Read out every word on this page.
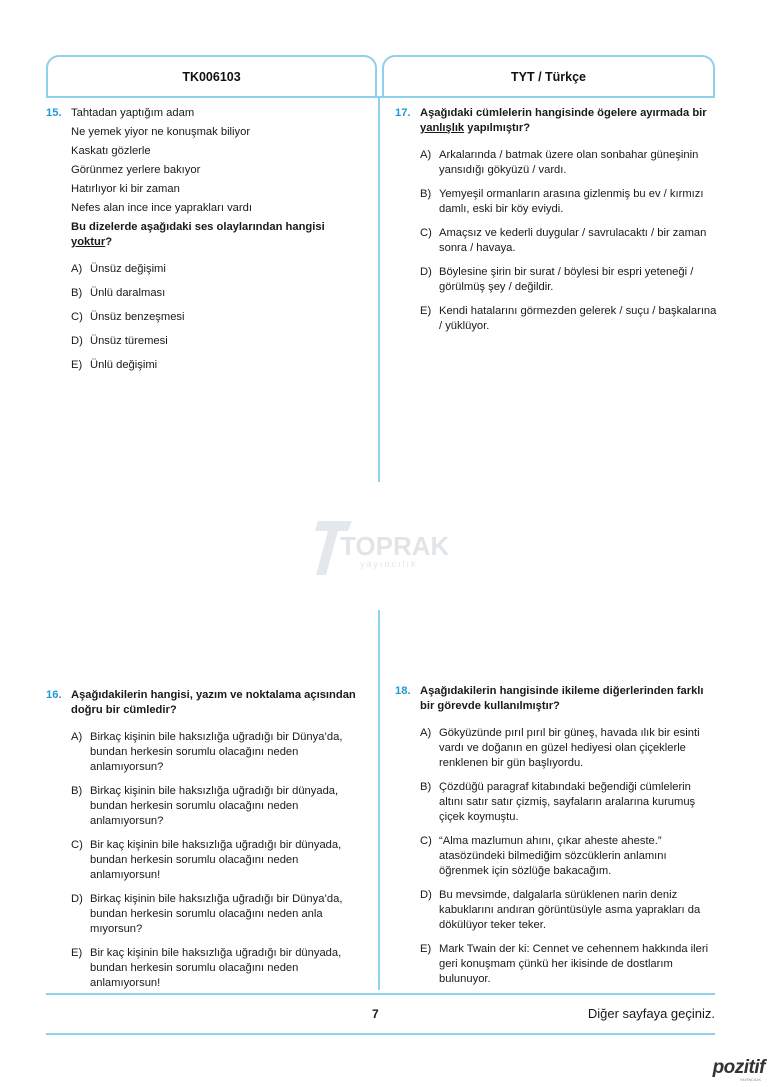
TK006103	TYT / Türkçe
15. Tahtadan yaptığım adam
Ne yemek yiyor ne konuşmak biliyor
Kaskatı gözlerle
Görünmez yerlere bakıyor
Hatırlıyor ki bir zaman
Nefes alan ince ince yaprakları vardı
Bu dizelerde aşağıdaki ses olaylarından hangisi yoktur?
A) Ünsüz değişimi
B) Ünlü daralması
C) Ünsüz benzeşmesi
D) Ünsüz türemesi
E) Ünlü değişimi
17. Aşağıdaki cümlelerin hangisinde ögelere ayırmada bir yanlışlık yapılmıştır?
A) Arkalarında / batmak üzere olan sonbahar güneşinin yansıdığı gökyüzü / vardı.
B) Yemyeşil ormanların arasına gizlenmiş bu ev / kırmızı damlı, eski bir köy eviydi.
C) Amaçsız ve kederli duygular / savrulacaktı / bir zaman sonra / havaya.
D) Böylesine şirin bir surat / böylesi bir espri yeteneği / görülmüş şey / değildir.
E) Kendi hatalarını görmezden gelerek / suçu / başkalarına / yüklüyor.
TOPRAK
yayıncılık
16. Aşağıdakilerin hangisi, yazım ve noktalama açısından doğru bir cümledir?
A) Birkaç kişinin bile haksızlığa uğradığı bir Dünya’da, bundan herkesin sorumlu olacağını neden anlamıyorsun?
B) Birkaç kişinin bile haksızlığa uğradığı bir dünyada, bundan herkesin sorumlu olacağını neden anlamıyorsun?
C) Bir kaç kişinin bile haksızlığa uğradığı bir dünyada, bundan herkesin sorumlu olacağını neden anlamıyorsun!
D) Birkaç kişinin bile haksızlığa uğradığı bir Dünya’da, bundan herkesin sorumlu olacağını neden anla mıyorsun?
E) Bir kaç kişinin bile haksızlığa uğradığı bir dünyada, bundan herkesin sorumlu olacağını neden anlamıyorsun!
18. Aşağıdakilerin hangisinde ikileme diğerlerinden farklı bir görevde kullanılmıştır?
A) Gökyüzünde pırıl pırıl bir güneş, havada ılık bir esinti vardı ve doğanın en güzel hediyesi olan çiçeklerle renklenen bir gün başlıyordu.
B) Çözdüğü paragraf kitabındaki beğendiği cümlelerin altını satır satır çizmiş, sayfaların aralarına kurumuş çiçek koymuştu.
C) “Alma mazlumun ahını, çıkar aheste aheste.” atasözündeki bilmediğim sözcüklerin anlamını öğrenmek için sözlüğe bakacağım.
D) Bu mevsimde, dalgalarla sürüklenen narin deniz kabuklarını andıran görüntüsüyle asma yaprakları da dökülüyor teker teker.
E) Mark Twain der ki: Cennet ve cehennem hakkında ileri geri konuşmam çünkü her ikisinde de dostlarım bulunuyor.
7	Diğer sayfaya geçiniz.
pozitif
YAYINCILIK
